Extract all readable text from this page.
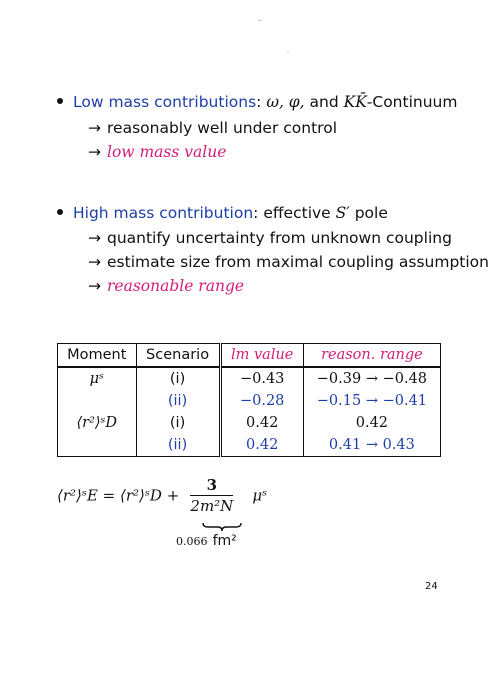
Low mass contributions: ω, φ, and KK̄-Continuum
→ reasonably well under control
→ low mass value
High mass contribution: effective S′ pole
→ quantify uncertainty from unknown coupling
→ estimate size from maximal coupling assumption
→ reasonable range
Moment	Scenario	lm value	reason. range
μˢ	(i)	−0.43	−0.39 → −0.48
	(ii)	−0.28	−0.15 → −0.41
⟨r²⟩ˢD	(i)	0.42	0.42
	(ii)	0.42	0.41 → 0.43
⟨r²⟩ˢE = ⟨r²⟩ˢD + $\frac{3}{\text{2m²N}}$ μˢ
0.066 fm²
24
